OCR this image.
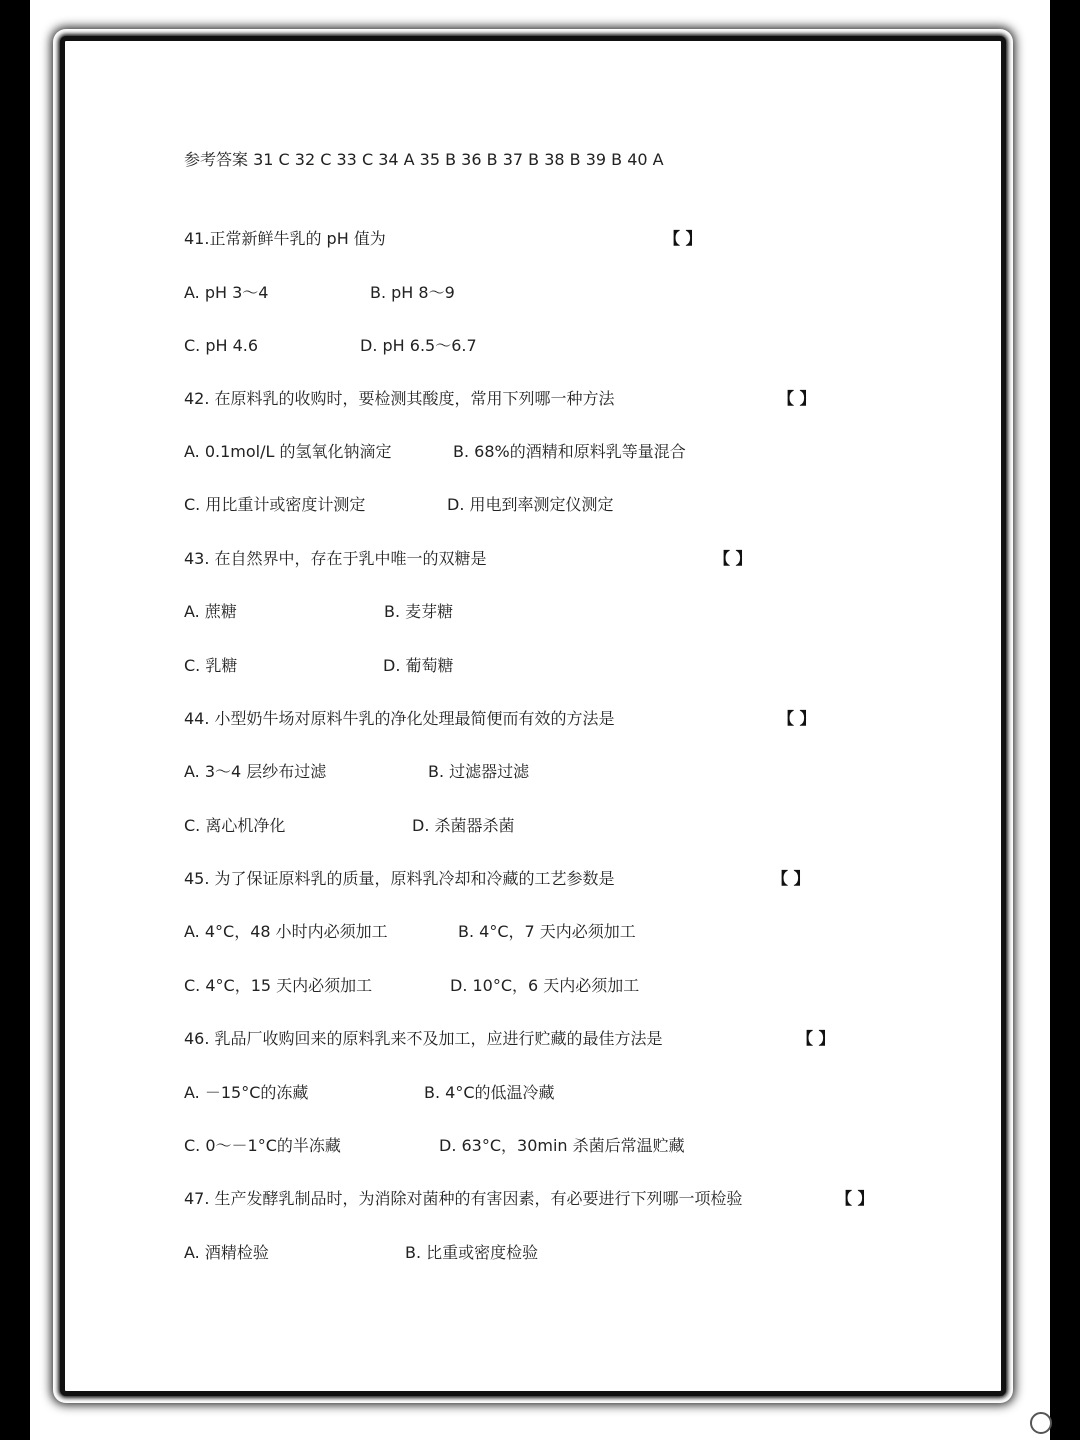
参考答案 31 C 32 C 33 C 34 A 35 B 36 B 37 B 38 B 39 B 40 A
41.正常新鲜牛乳的 pH 值为	【 】
A. pH 3～4	B. pH 8～9
C. pH 4.6	D. pH 6.5～6.7
42. 在原料乳的收购时，要检测其酸度，常用下列哪一种方法	【 】
A. 0.1mol/L 的氢氧化钠滴定	B. 68%的酒精和原料乳等量混合
C. 用比重计或密度计测定	D. 用电到率测定仪测定
43. 在自然界中，存在于乳中唯一的双糖是	【 】
A. 蔗糖	B. 麦芽糖
C. 乳糖	D. 葡萄糖
44. 小型奶牛场对原料牛乳的净化处理最简便而有效的方法是	【 】
A. 3～4 层纱布过滤	B. 过滤器过滤
C. 离心机净化	D. 杀菌器杀菌
45. 为了保证原料乳的质量，原料乳冷却和冷藏的工艺参数是	【 】
A. 4°C，48 小时内必须加工	B. 4°C，7 天内必须加工
C. 4°C，15 天内必须加工	D. 10°C，6 天内必须加工
46. 乳品厂收购回来的原料乳来不及加工，应进行贮藏的最佳方法是	【 】
A. －15°C的冻藏	B. 4°C的低温冷藏
C. 0～－1°C的半冻藏	D. 63°C，30min 杀菌后常温贮藏
47. 生产发酵乳制品时，为消除对菌种的有害因素，有必要进行下列哪一项检验	【 】
A. 酒精检验	B. 比重或密度检验
